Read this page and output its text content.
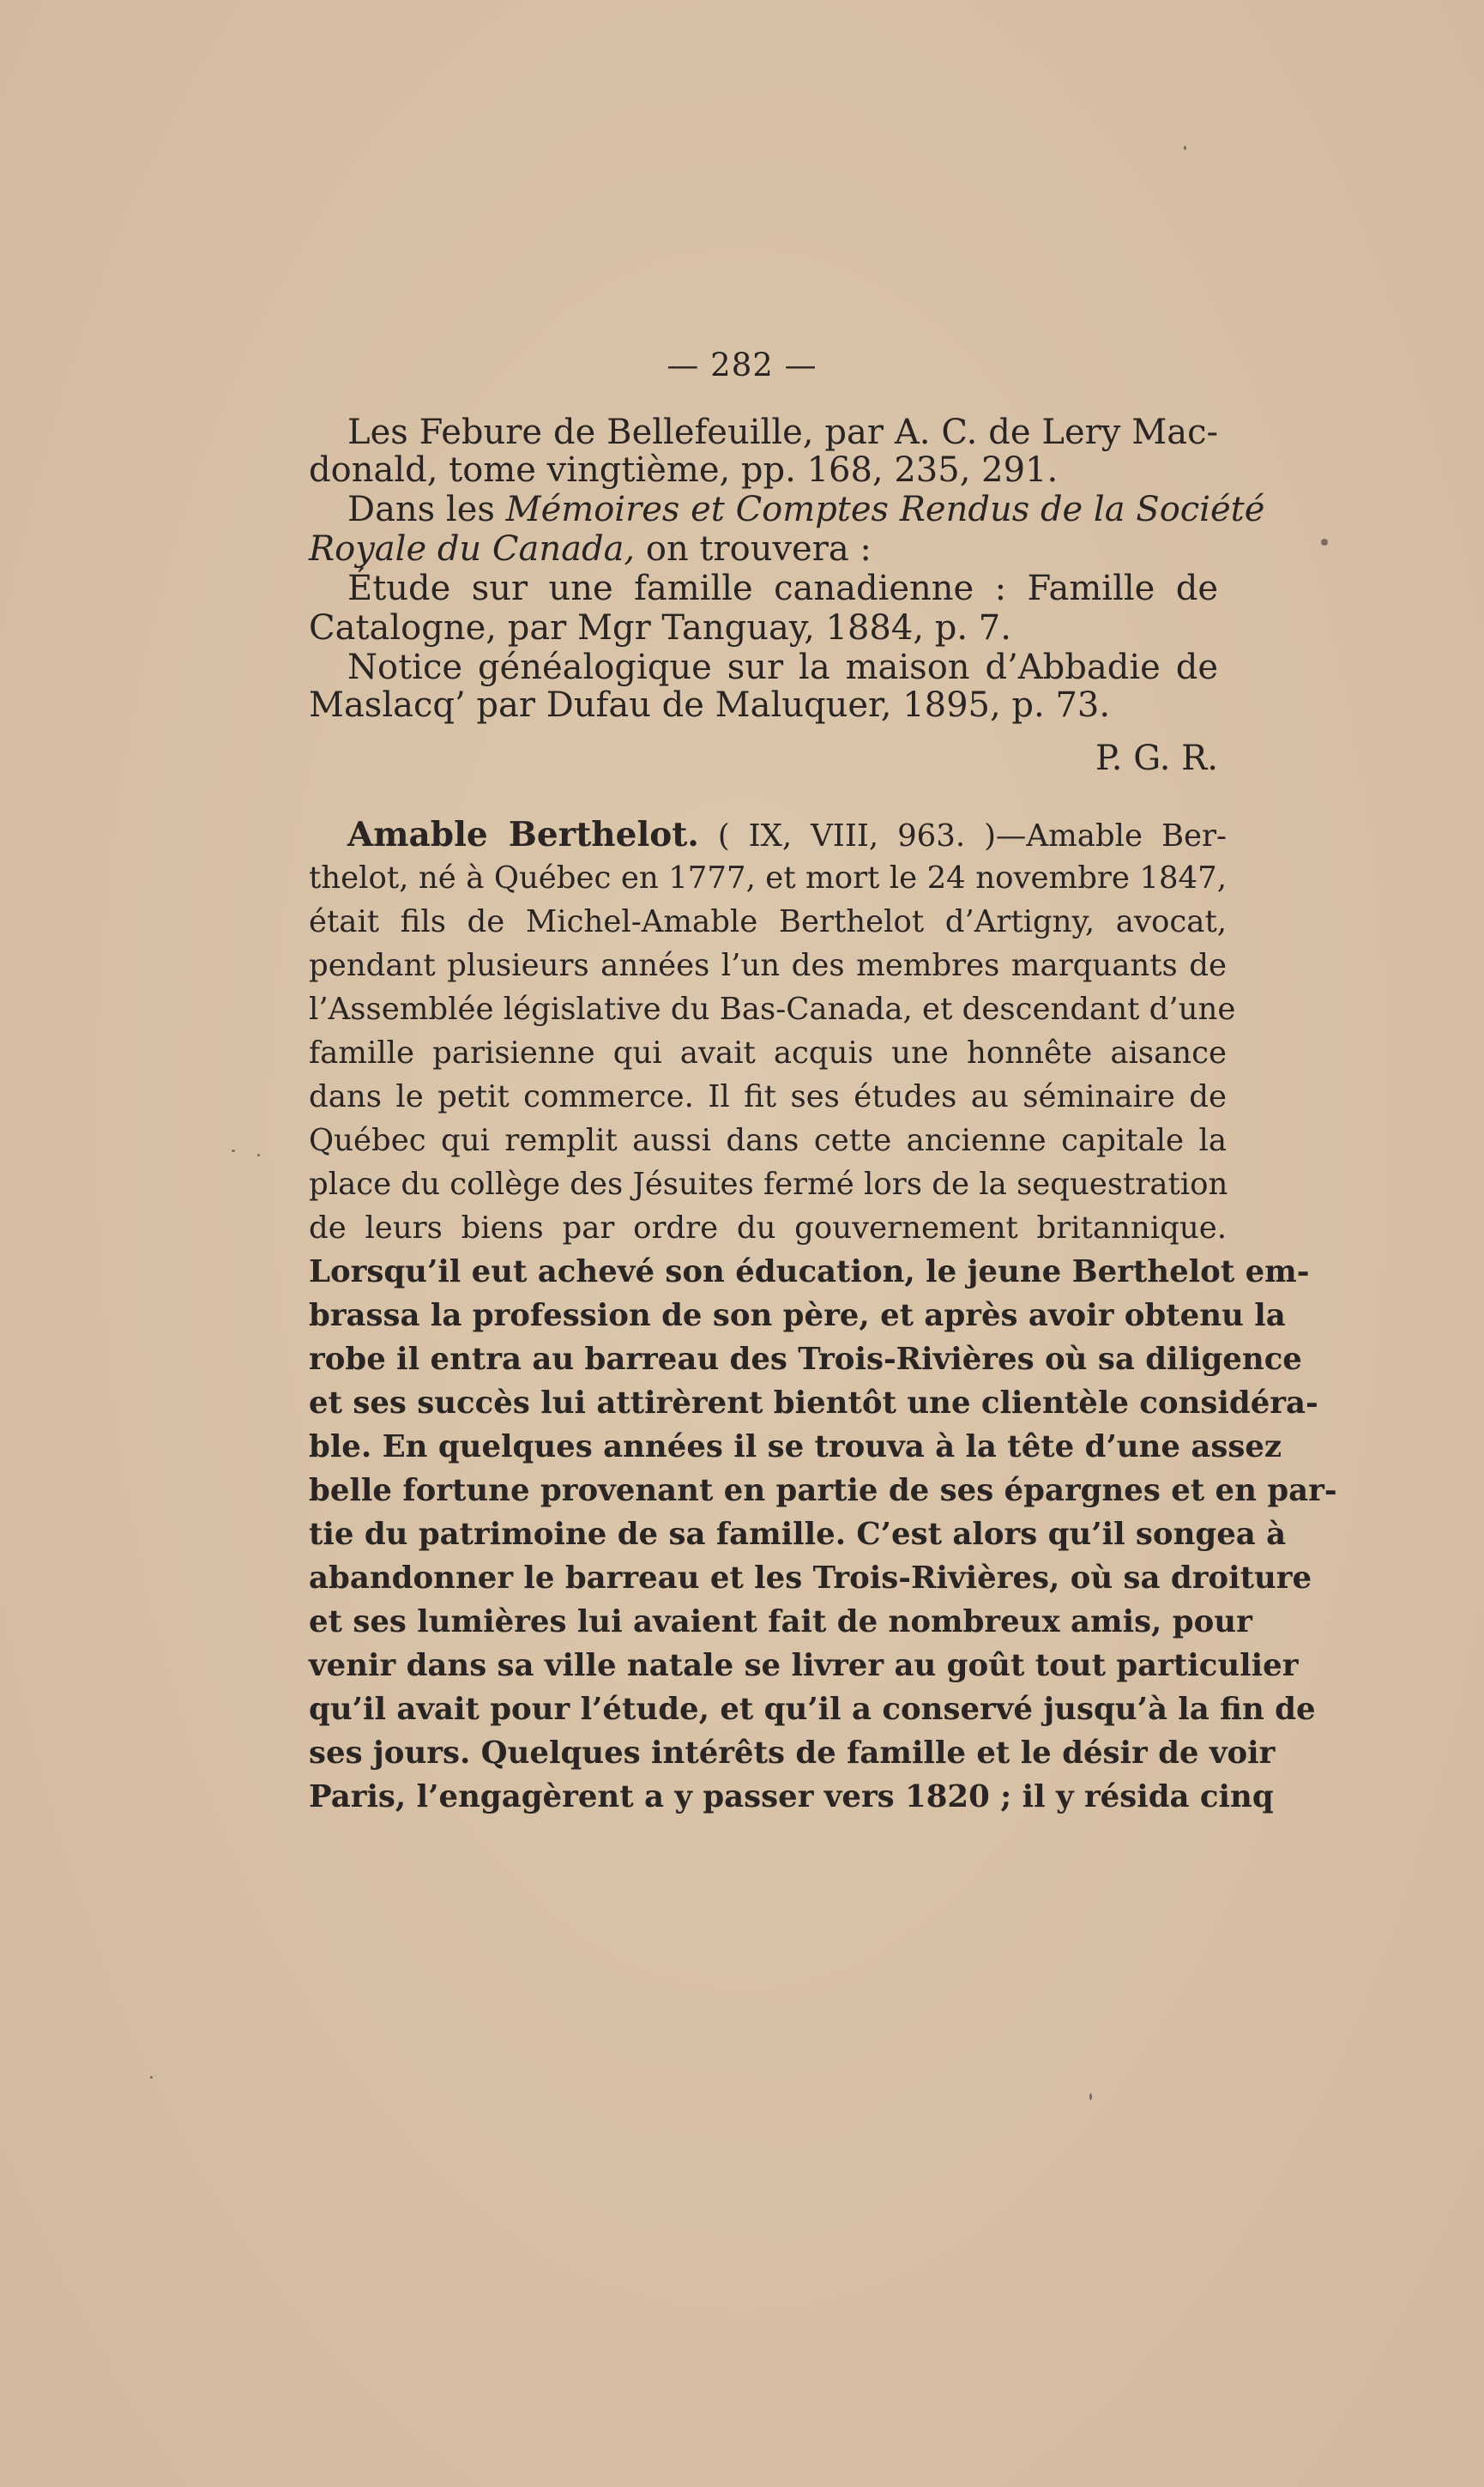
— 282 —
Les Febure de Bellefeuille, par A. C. de Lery Mac-
donald, tome vingtième, pp. 168, 235, 291.
Dans les Mémoires et Comptes Rendus de la Société
Royale du Canada, on trouvera :
Étude sur une famille canadienne : Famille de
Catalogne, par Mgr Tanguay, 1884, p. 7.
Notice généalogique sur la maison d’Abbadie de
Maslacq’ par Dufau de Maluquer, 1895, p. 73.
P. G. R.
Amable Berthelot. ( IX, VIII, 963. )—Amable Ber-
thelot, né à Québec en 1777, et mort le 24 novembre 1847,
était fils de Michel-Amable Berthelot d’Artigny, avocat,
pendant plusieurs années l’un des membres marquants de
l’Assemblée législative du Bas-Canada, et descendant d’une
famille parisienne qui avait acquis une honnête aisance
dans le petit commerce. Il fit ses études au séminaire de
Québec qui remplit aussi dans cette ancienne capitale la
place du collège des Jésuites fermé lors de la sequestration
de leurs biens par ordre du gouvernement britannique.
Lorsqu’il eut achevé son éducation, le jeune Berthelot em-
brassa la profession de son père, et après avoir obtenu la
robe il entra au barreau des Trois-Rivières où sa diligence
et ses succès lui attirèrent bientôt une clientèle considéra-
ble. En quelques années il se trouva à la tête d’une assez
belle fortune provenant en partie de ses épargnes et en par-
tie du patrimoine de sa famille. C’est alors qu’il songea à
abandonner le barreau et les Trois-Rivières, où sa droiture
et ses lumières lui avaient fait de nombreux amis, pour
venir dans sa ville natale se livrer au goût tout particulier
qu’il avait pour l’étude, et qu’il a conservé jusqu’à la fin de
ses jours. Quelques intérêts de famille et le désir de voir
Paris, l’engagèrent a y passer vers 1820 ; il y résida cinq
